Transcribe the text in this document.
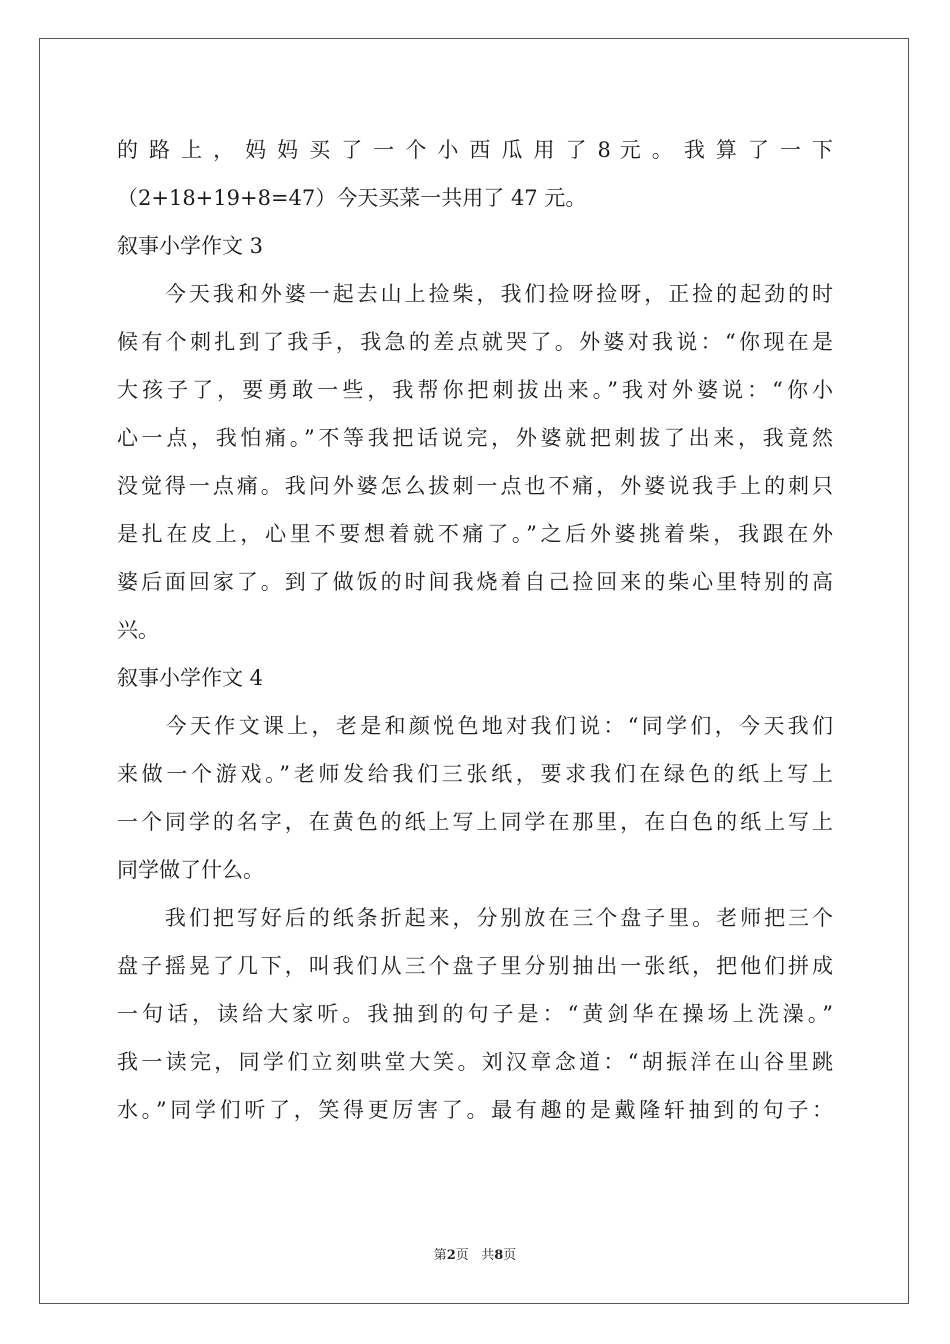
的 路 上 ， 妈 妈 买 了 一 个 小 西 瓜 用 了 8 元 。 我 算 了 一 下
（2+18+19+8=47）今天买菜一共用了 47 元。
叙事小学作文 3
　　今天我和外婆一起去山上捡柴，我们捡呀捡呀，正捡的起劲的时
候有个刺扎到了我手，我急的差点就哭了。外婆对我说：“你现在是
大孩子了，要勇敢一些，我帮你把刺拔出来。”我对外婆说：“你小
心一点，我怕痛。”不等我把话说完，外婆就把刺拔了出来，我竟然
没觉得一点痛。我问外婆怎么拔刺一点也不痛，外婆说我手上的刺只
是扎在皮上，心里不要想着就不痛了。”之后外婆挑着柴，我跟在外
婆后面回家了。到了做饭的时间我烧着自己捡回来的柴心里特别的高
兴。
叙事小学作文 4
　　今天作文课上，老是和颜悦色地对我们说：“同学们，今天我们
来做一个游戏。”老师发给我们三张纸，要求我们在绿色的纸上写上
一个同学的名字，在黄色的纸上写上同学在那里，在白色的纸上写上
同学做了什么。
　　我们把写好后的纸条折起来，分别放在三个盘子里。老师把三个
盘子摇晃了几下，叫我们从三个盘子里分别抽出一张纸，把他们拼成
一句话，读给大家听。我抽到的句子是：“黄剑华在操场上洗澡。”
我一读完，同学们立刻哄堂大笑。刘汉章念道：“胡振洋在山谷里跳
水。”同学们听了，笑得更厉害了。最有趣的是戴隆轩抽到的句子：
第2页 共8页
